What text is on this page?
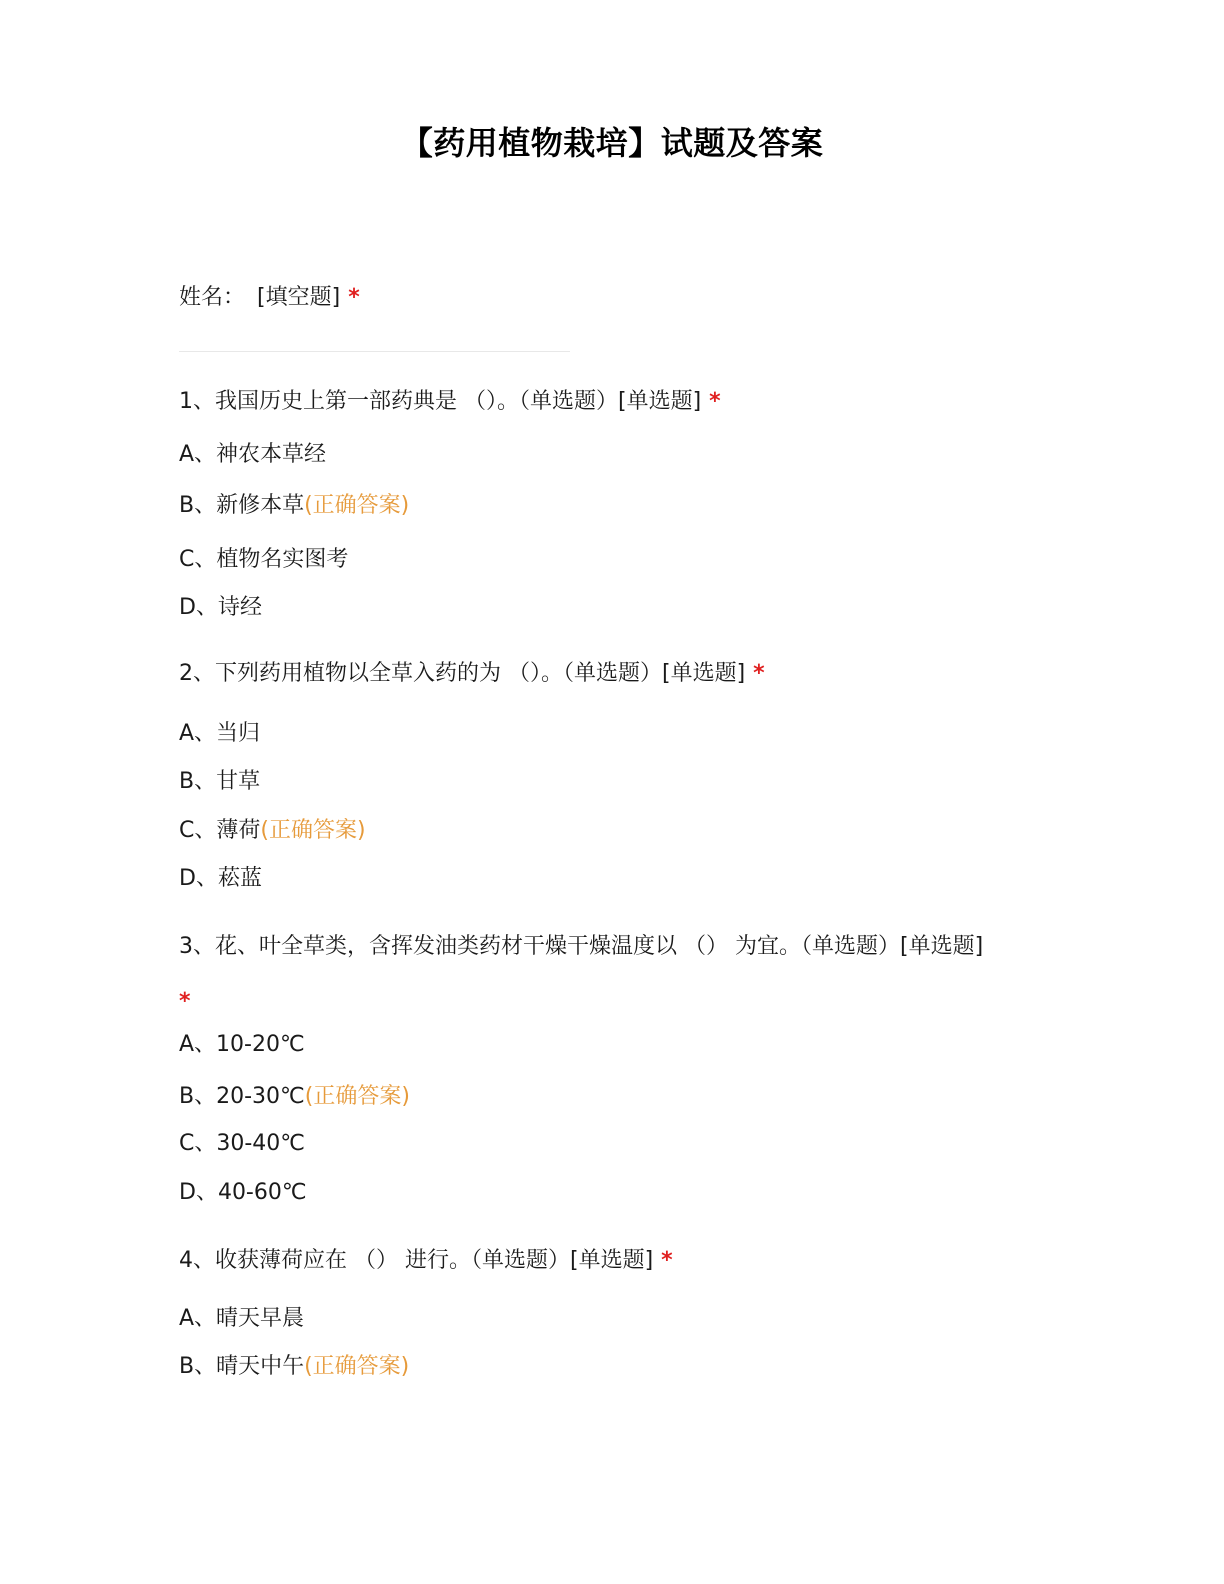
【药用植物栽培】试题及答案
姓名： [填空题] *
1、我国历史上第一部药典是 （）。（单选题）[单选题] *
A、神农本草经
B、新修本草(正确答案)
C、植物名实图考
D、诗经
2、下列药用植物以全草入药的为 （）。（单选题）[单选题] *
A、当归
B、甘草
C、薄荷(正确答案)
D、菘蓝
3、花、叶全草类，含挥发油类药材干燥干燥温度以 （） 为宜。（单选题）[单选题]
*
A、10-20℃
B、20-30℃(正确答案)
C、30-40℃
D、40-60℃
4、收获薄荷应在 （） 进行。（单选题）[单选题] *
A、晴天早晨
B、晴天中午(正确答案)
